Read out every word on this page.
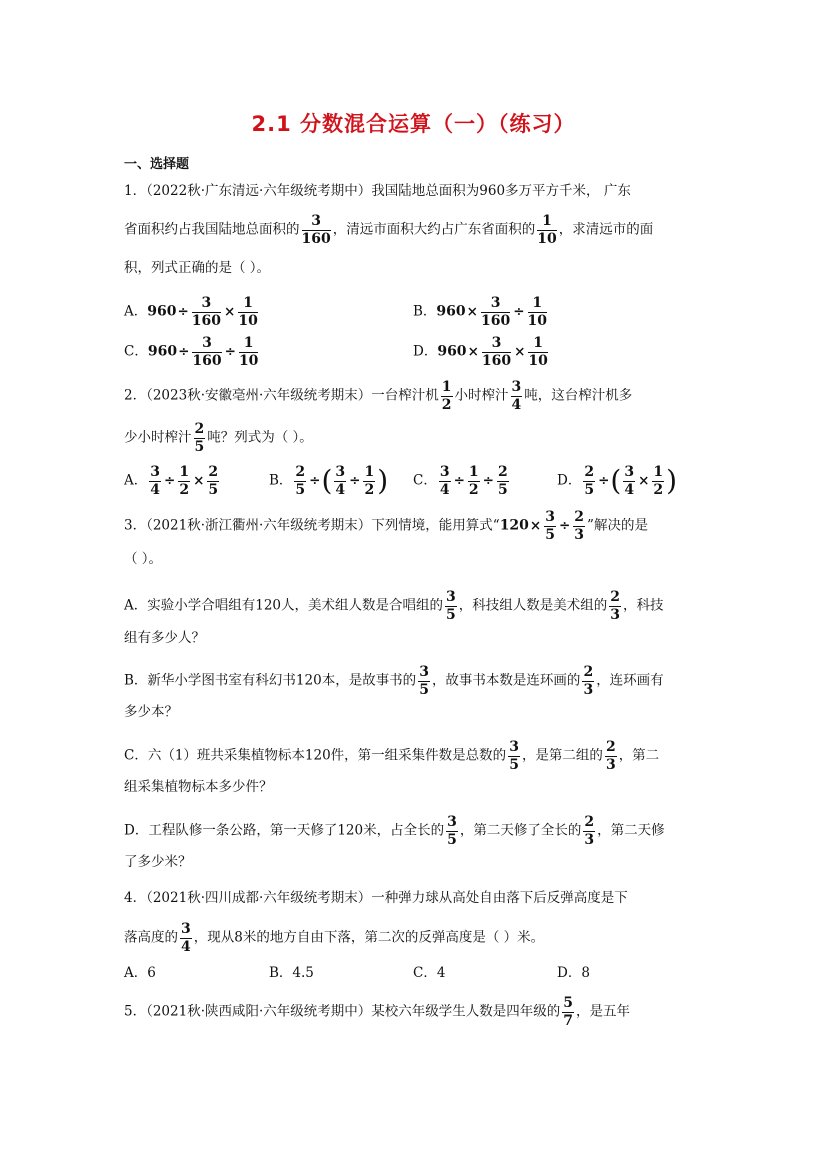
2.1 分数混合运算（一）（练习）
一、选择题
1．（2022秋·广东清远·六年级统考期中）我国陆地总面积为960多万平方千米， 广东
省面积约占我国陆地总面积的 $\frac{3}{160}$ ，清远市面积大约占广东省面积的 $\frac{1}{10}$ ，求清远市的面
积，列式正确的是（ ）。
A．$960\div \frac{3}{160} \times \frac{1}{10}$	B．$960\times \frac{3}{160} \div \frac{1}{10}$
C．$960\div \frac{3}{160} \div \frac{1}{10}$	D．$960\times \frac{3}{160} \times \frac{1}{10}$
2．（2023秋·安徽亳州·六年级统考期末）一台榨汁机 $\frac{1}{2}$ 小时榨汁 $\frac{3}{4}$ 吨，这台榨汁机多
少小时榨汁 $\frac{2}{5}$ 吨？列式为（ ）。
A． $\frac{3}{4} \div \frac{1}{2} \times \frac{2}{5}$	B． $\frac{2}{5}$ ÷( $\frac{3}{4} \div \frac{1}{2}$ ) C． $\frac{3}{4} \div \frac{1}{2} \div \frac{2}{5}$	D． $\frac{2}{5}$ ÷( $\frac{3}{4} \times \frac{1}{2}$ )
3．（2021秋·浙江衢州·六年级统考期末）下列情境，能用算式“$120\times \frac{3}{5} \div \frac{2}{3}$ ”解决的是
（ ）。
A．实验小学合唱组有120人，美术组人数是合唱组的 $\frac{3}{5}$ ，科技组人数是美术组的 $\frac{2}{3}$ ，科技
组有多少人？
B．新华小学图书室有科幻书120本，是故事书的 $\frac{3}{5}$ ，故事书本数是连环画的 $\frac{2}{3}$ ，连环画有
多少本？
C．六（1）班共采集植物标本120件，第一组采集件数是总数的 $\frac{3}{5}$ ，是第二组的 $\frac{2}{3}$ ，第二
组采集植物标本多少件？
D．工程队修一条公路，第一天修了120米，占全长的 $\frac{3}{5}$ ，第二天修了全长的 $\frac{2}{3}$ ，第二天修
了多少米？
4．（2021秋·四川成都·六年级统考期末）一种弹力球从高处自由落下后反弹高度是下
落高度的 $\frac{3}{4}$ ，现从8米的地方自由下落，第二次的反弹高度是（ ）米。
A．6	B．4.5	C．4	D．8
5．（2021秋·陕西咸阳·六年级统考期中）某校六年级学生人数是四年级的 $\frac{5}{7}$ ，是五年
